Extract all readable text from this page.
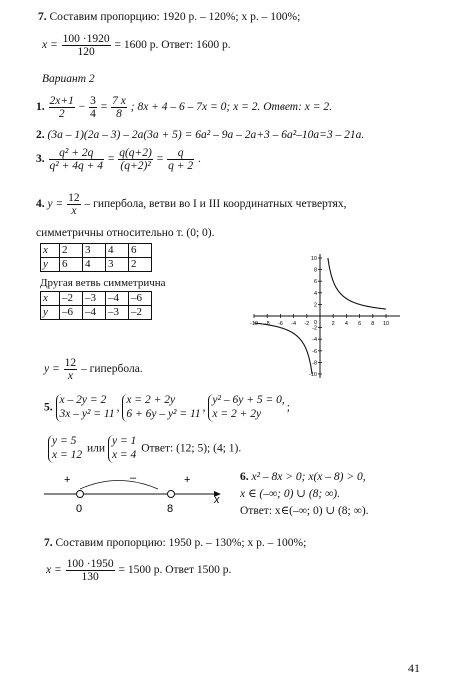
7. Составим пропорцию: 1920 р. – 120%; x р. – 100%;
$x = \frac{100 \cdot 1920}{120} = 1600$ р. Ответ: 1600 р.
Вариант 2
1. $\frac{2x+1}{2} - \frac{3}{4} = \frac{7 x}{8}$ ; 8x + 4 – 6 – 7x = 0; x = 2. Ответ: x = 2.
2. (3a – 1)(2a – 3) – 2a(3a + 5) = 6a² – 9a – 2a+3 – 6a²–10a=3 – 21a.
3. $\frac{\text{q² + 2q}}{\text{q² + 4q + 4}} = \frac{q(q+2)}{\text{(q+2)²}} = \frac{q}{q + 2}$ .
4. $y = \frac{12}{x}$ – гипербола, ветви во I и III координатных четвертях,
симметричны относительно т. (0; 0).
x	2	3	4	6
y	6	4	3	2
Другая ветвь симметрична
x	–2	–3	–4	–6
y	–6	–4	–3	–2
-10 -8 -6 -4 -2	2 4 6 8 10
10
8
6
4
2
-2
-4
-6
-8
-10
0
$y = \frac{12}{x}$ – гипербола.
5.
x – 2y = 2
3x – y² = 11
,
x = 2 + 2y
6 + 6y – y² = 11
,
y² – 6y + 5 = 0,
x = 2 + 2y
;
y = 5
x = 12
или
y = 1
x = 4
Ответ: (12; 5); (4; 1).
+	–	+
0	8
x
6. x² – 8x > 0; x(x – 8) > 0,
x ∈ (–∞; 0) ∪ (8; ∞).
Ответ: x∈(–∞; 0) ∪ (8; ∞).
7. Составим пропорцию: 1950 р. – 130%; x р. – 100%;
$x = \frac{100 \cdot 1950}{130} = 1500$ р. Ответ 1500 р.
41
